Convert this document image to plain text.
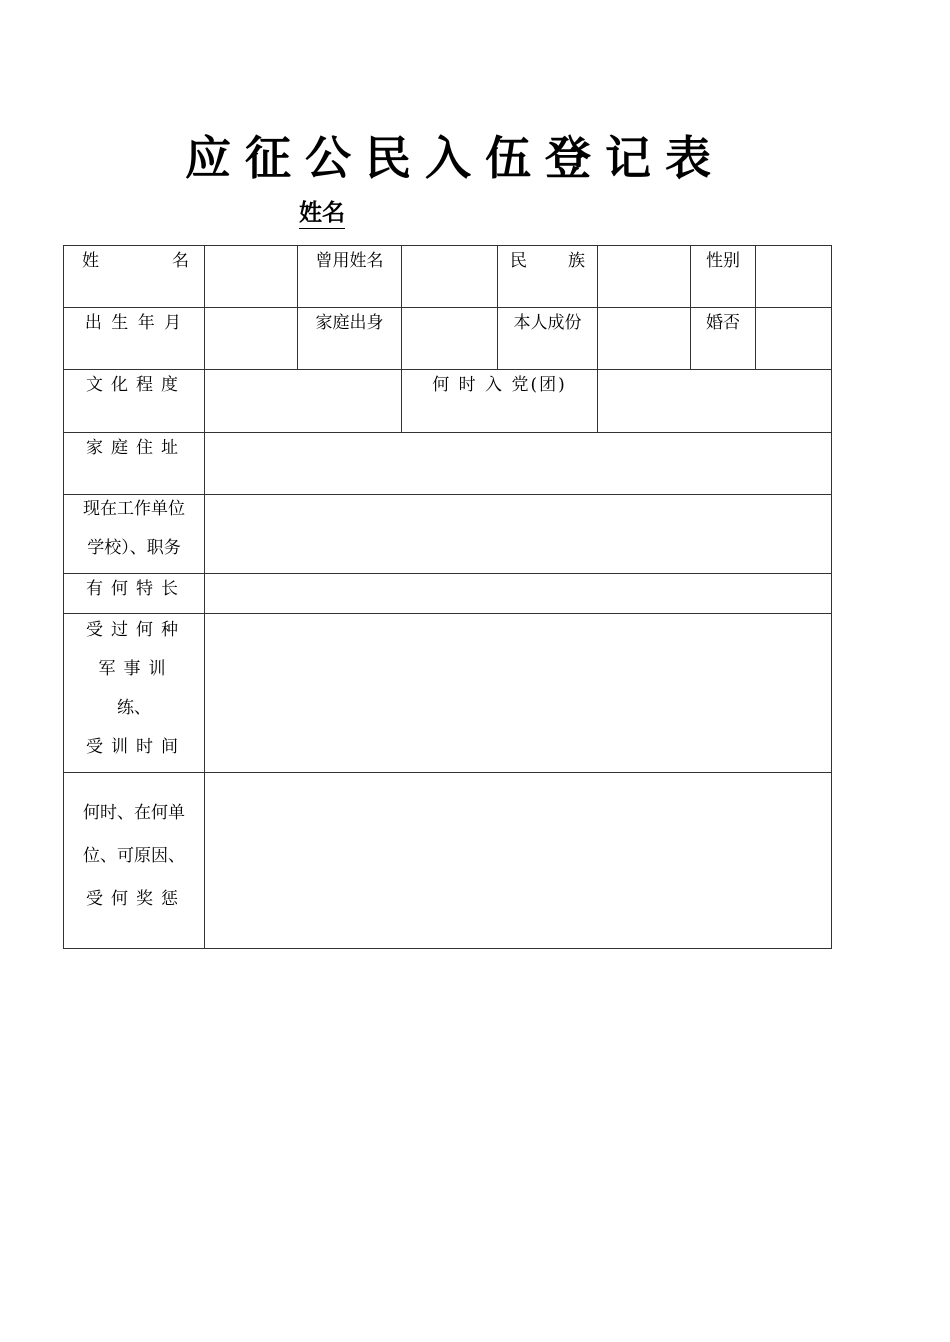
应征公民入伍登记表
姓名
姓 名		曾用姓名		民 族		性别	

出 生 年 月		家庭出身		本人成份		婚否	

文化程度			何 时 入 党(团)				

家庭住址							

现在工作单位
学校）、职务							

有何特长							

受过何种
军事训
练、
受训时间							

何时、在何单
位、可原因、
受何奖惩							
